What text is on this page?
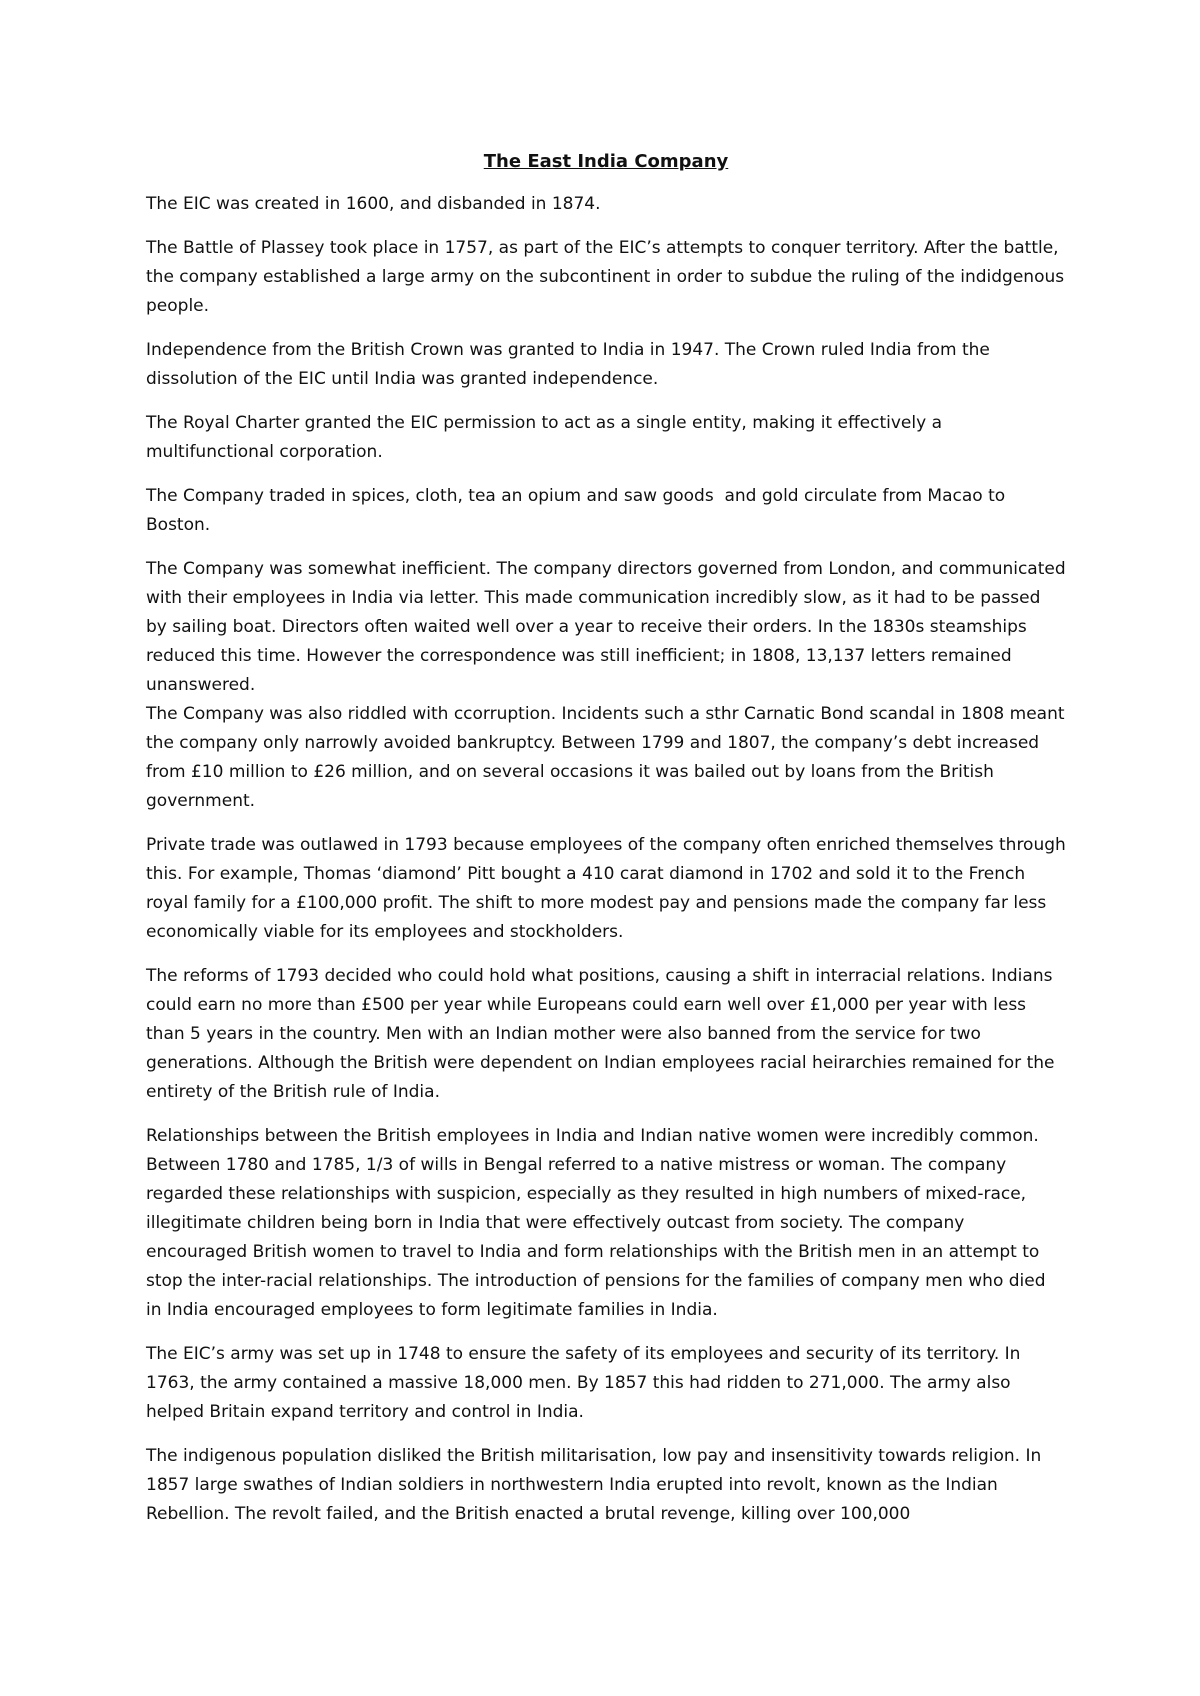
The East India Company

The EIC was created in 1600, and disbanded in 1874.

The Battle of Plassey took place in 1757, as part of the EIC’s attempts to conquer territory. After the battle, the company established a large army on the subcontinent in order to subdue the ruling of the indidgenous people.

Independence from the British Crown was granted to India in 1947. The Crown ruled India from the dissolution of the EIC until India was granted independence.

The Royal Charter granted the EIC permission to act as a single entity, making it effectively a multifunctional corporation.

The Company traded in spices, cloth, tea an opium and saw goods  and gold circulate from Macao to Boston.

The Company was somewhat inefficient. The company directors governed from London, and communicated with their employees in India via letter. This made communication incredibly slow, as it had to be passed by sailing boat. Directors often waited well over a year to receive their orders. In the 1830s steamships reduced this time. However the correspondence was still inefficient; in 1808, 13,137 letters remained unanswered.

The Company was also riddled with ccorruption. Incidents such a sthr Carnatic Bond scandal in 1808 meant the company only narrowly avoided bankruptcy. Between 1799 and 1807, the company’s debt increased from £10 million to £26 million, and on several occasions it was bailed out by loans from the British government.

Private trade was outlawed in 1793 because employees of the company often enriched themselves through this. For example, Thomas ‘diamond’ Pitt bought a 410 carat diamond in 1702 and sold it to the French royal family for a £100,000 profit. The shift to more modest pay and pensions made the company far less economically viable for its employees and stockholders.

The reforms of 1793 decided who could hold what positions, causing a shift in interracial relations. Indians could earn no more than £500 per year while Europeans could earn well over £1,000 per year with less than 5 years in the country. Men with an Indian mother were also banned from the service for two generations. Although the British were dependent on Indian employees racial heirarchies remained for the entirety of the British rule of India.

Relationships between the British employees in India and Indian native women were incredibly common. Between 1780 and 1785, 1/3 of wills in Bengal referred to a native mistress or woman. The company regarded these relationships with suspicion, especially as they resulted in high numbers of mixed-race, illegitimate children being born in India that were effectively outcast from society. The company encouraged British women to travel to India and form relationships with the British men in an attempt to stop the inter-racial relationships. The introduction of pensions for the families of company men who died in India encouraged employees to form legitimate families in India.

The EIC’s army was set up in 1748 to ensure the safety of its employees and security of its territory. In 1763, the army contained a massive 18,000 men. By 1857 this had ridden to 271,000. The army also helped Britain expand territory and control in India.

The indigenous population disliked the British militarisation, low pay and insensitivity towards religion. In 1857 large swathes of Indian soldiers in northwestern India erupted into revolt, known as the Indian Rebellion. The revolt failed, and the British enacted a brutal revenge, killing over 100,000
